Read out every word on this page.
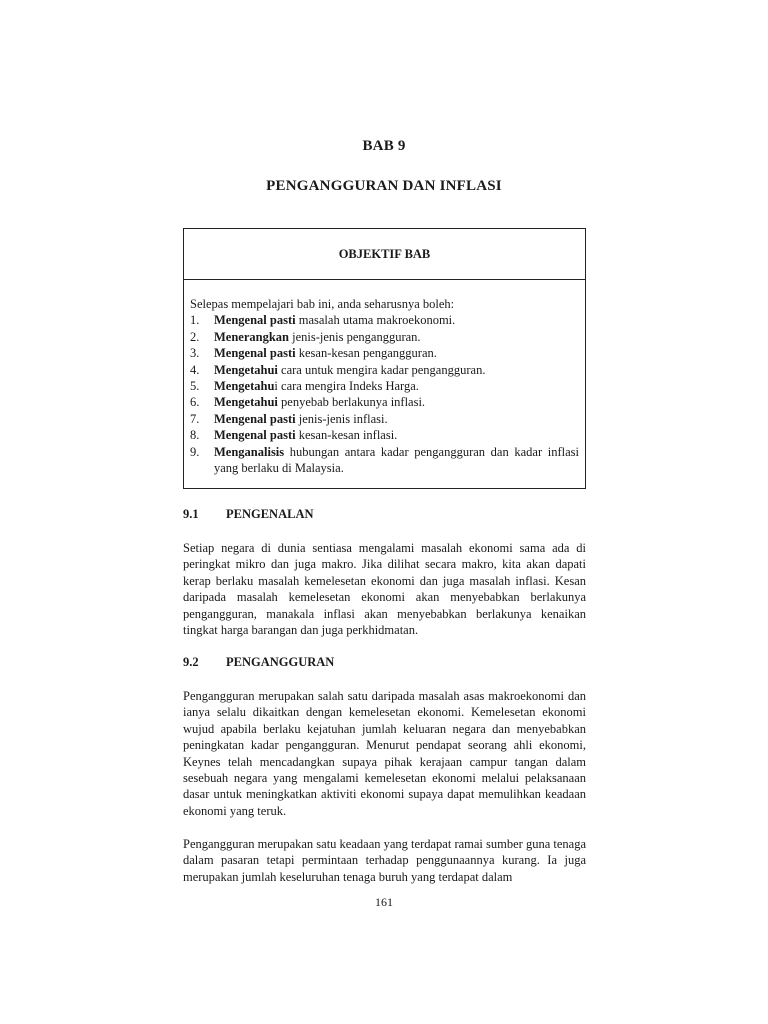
BAB 9
PENGANGGURAN DAN INFLASI
OBJEKTIF BAB
Selepas mempelajari bab ini, anda seharusnya boleh:
1.	Mengenal pasti masalah utama makroekonomi.
2.	Menerangkan jenis-jenis pengangguran.
3.	Mengenal pasti kesan-kesan pengangguran.
4.	Mengetahui cara untuk mengira kadar pengangguran.
5.	Mengetahui cara mengira Indeks Harga.
6.	Mengetahui penyebab berlakunya inflasi.
7.	Mengenal pasti jenis-jenis inflasi.
8.	Mengenal pasti kesan-kesan inflasi.
9.	Menganalisis hubungan antara kadar pengangguran dan kadar inflasi yang berlaku di Malaysia.
9.1	PENGENALAN

Setiap negara di dunia sentiasa mengalami masalah ekonomi sama ada di peringkat mikro dan juga makro. Jika dilihat secara makro, kita akan dapati kerap berlaku masalah kemelesetan ekonomi dan juga masalah inflasi. Kesan daripada masalah kemelesetan ekonomi akan menyebabkan berlakunya pengangguran, manakala inflasi akan menyebabkan berlakunya kenaikan tingkat harga barangan dan juga perkhidmatan.

9.2	PENGANGGURAN

Pengangguran merupakan salah satu daripada masalah asas makroekonomi dan ianya selalu dikaitkan dengan kemelesetan ekonomi. Kemelesetan ekonomi wujud apabila berlaku kejatuhan jumlah keluaran negara dan menyebabkan peningkatan kadar pengangguran. Menurut pendapat seorang ahli ekonomi, Keynes telah mencadangkan supaya pihak kerajaan campur tangan dalam sesebuah negara yang mengalami kemelesetan ekonomi melalui pelaksanaan dasar untuk meningkatkan aktiviti ekonomi supaya dapat memulihkan keadaan ekonomi yang teruk.

Pengangguran merupakan satu keadaan yang terdapat ramai sumber guna tenaga dalam pasaran tetapi permintaan terhadap penggunaannya kurang. Ia juga merupakan jumlah keseluruhan tenaga buruh yang terdapat dalam

161
